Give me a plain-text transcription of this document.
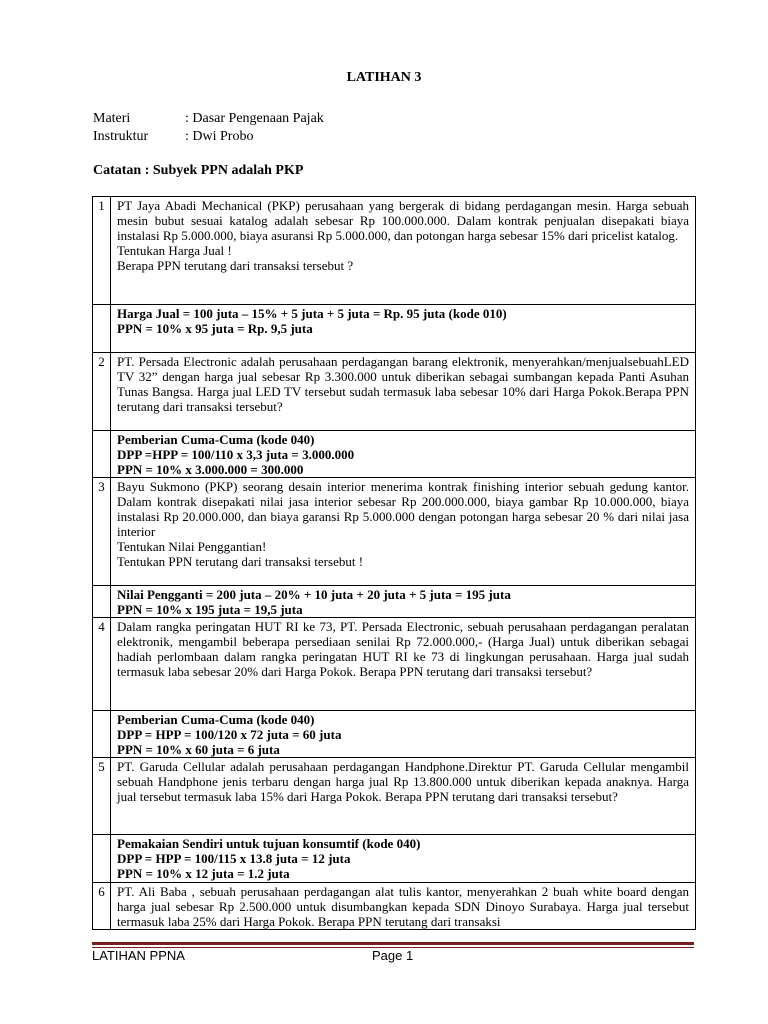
LATIHAN 3
Materi	: Dasar Pengenaan Pajak
Instruktur	: Dwi Probo
Catatan : Subyek PPN adalah PKP
1	PT Jaya Abadi Mechanical (PKP) perusahaan yang bergerak di bidang perdagangan mesin. Harga sebuah mesin bubut sesuai katalog adalah sebesar Rp 100.000.000. Dalam kontrak penjualan disepakati biaya instalasi Rp 5.000.000, biaya asuransi Rp 5.000.000, dan potongan harga sebesar 15% dari pricelist katalog.
Tentukan Harga Jual !
Berapa PPN terutang dari transaksi tersebut ?

	Harga Jual = 100 juta – 15% + 5 juta + 5 juta = Rp. 95 juta (kode 010)
PPN = 10% x 95 juta = Rp. 9,5 juta

2	PT. Persada Electronic adalah perusahaan perdagangan barang elektronik, menyerahkan/menjualsebuahLED TV 32” dengan harga jual sebesar Rp 3.300.000 untuk diberikan sebagai sumbangan kepada Panti Asuhan Tunas Bangsa. Harga jual LED TV tersebut sudah termasuk laba sebesar 10% dari Harga Pokok.Berapa PPN terutang dari transaksi tersebut?

	Pemberian Cuma-Cuma (kode 040)
DPP =HPP = 100/110 x 3,3 juta = 3.000.000
PPN = 10% x 3.000.000 = 300.000

3	Bayu Sukmono (PKP) seorang desain interior menerima kontrak finishing interior sebuah gedung kantor. Dalam kontrak disepakati nilai jasa interior sebesar Rp 200.000.000, biaya gambar Rp 10.000.000, biaya instalasi Rp 20.000.000, dan biaya garansi Rp 5.000.000 dengan potongan harga sebesar 20 % dari nilai jasa interior
Tentukan Nilai Penggantian!
Tentukan PPN terutang dari transaksi tersebut !

	Nilai Pengganti = 200 juta – 20% + 10 juta + 20 juta + 5 juta = 195 juta
PPN = 10% x 195 juta = 19,5 juta

4	Dalam rangka peringatan HUT RI ke 73, PT. Persada Electronic, sebuah perusahaan perdagangan peralatan elektronik, mengambil beberapa persediaan senilai Rp 72.000.000,- (Harga Jual) untuk diberikan sebagai hadiah perlombaan dalam rangka peringatan HUT RI ke 73 di lingkungan perusahaan. Harga jual sudah termasuk laba sebesar 20% dari Harga Pokok. Berapa PPN terutang dari transaksi tersebut?

	Pemberian Cuma-Cuma (kode 040)
DPP = HPP = 100/120 x 72 juta = 60 juta
PPN = 10% x 60 juta = 6 juta

5	PT. Garuda Cellular adalah perusahaan perdagangan Handphone.Direktur PT. Garuda Cellular mengambil sebuah Handphone jenis terbaru dengan harga jual Rp 13.800.000 untuk diberikan kepada anaknya. Harga jual tersebut termasuk laba 15% dari Harga Pokok. Berapa PPN terutang dari transaksi tersebut?

	Pemakaian Sendiri untuk tujuan konsumtif (kode 040)
DPP = HPP = 100/115 x 13.8 juta = 12 juta
PPN = 10% x 12 juta = 1.2 juta

6	PT. Ali Baba , sebuah perusahaan perdagangan alat tulis kantor, menyerahkan 2 buah white board dengan harga jual sebesar Rp 2.500.000 untuk disumbangkan kepada SDN Dinoyo Surabaya. Harga jual tersebut termasuk laba 25% dari Harga Pokok. Berapa PPN terutang dari transaksi
LATIHAN PPNA	Page 1
